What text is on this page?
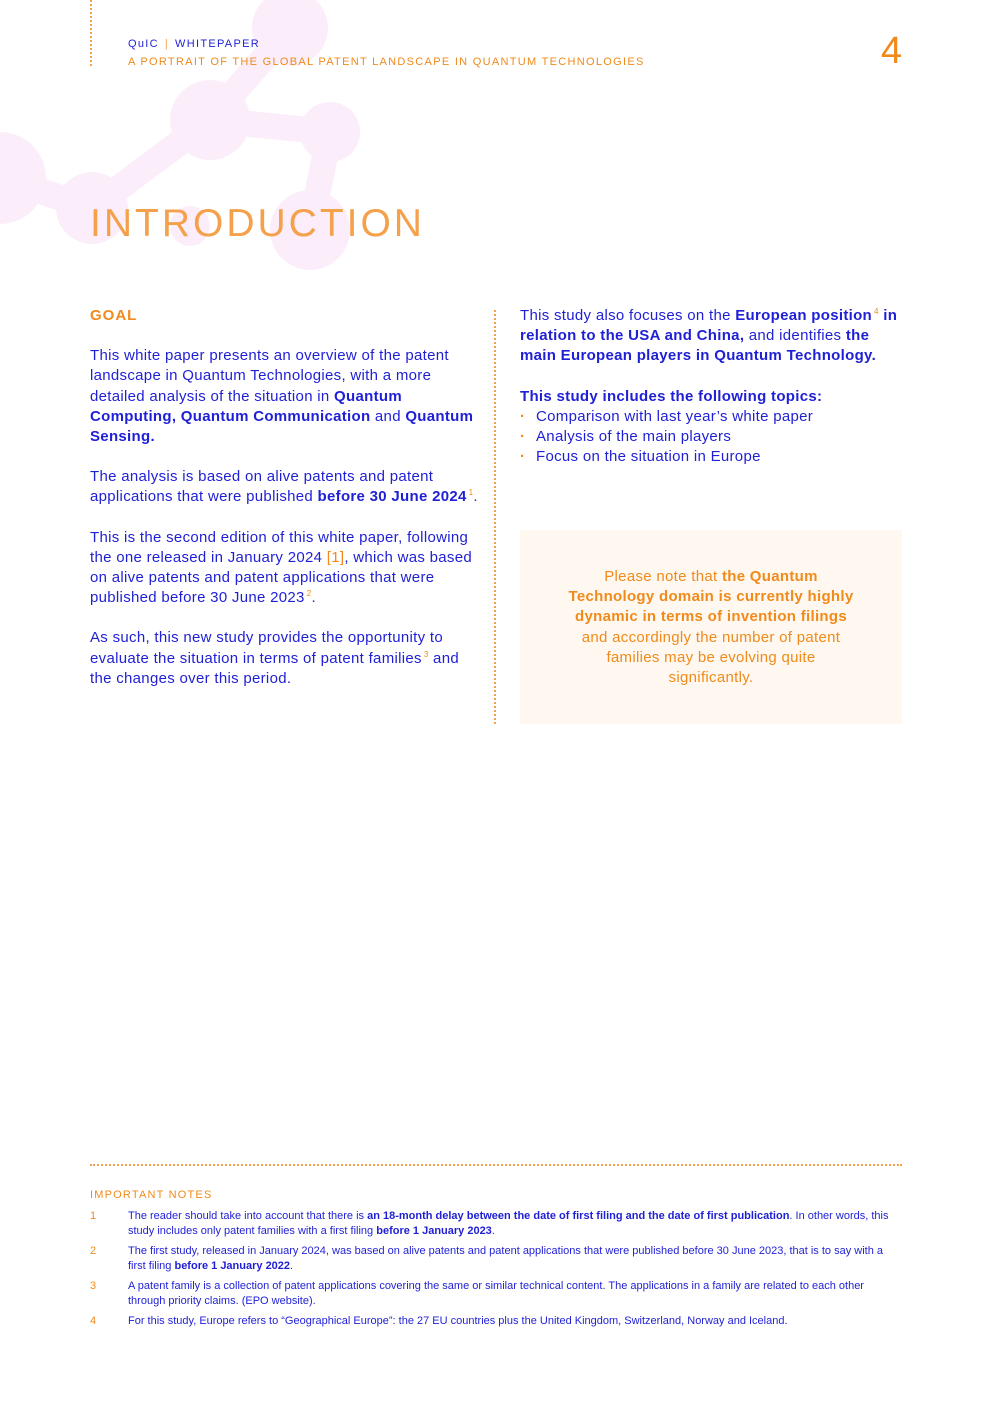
QuIC | WHITEPAPER
A PORTRAIT OF THE GLOBAL PATENT LANDSCAPE IN QUANTUM TECHNOLOGIES	4
INTRODUCTION
GOAL

This white paper presents an overview of the patent landscape in Quantum Technologies, with a more detailed analysis of the situation in Quantum Computing, Quantum Communication and Quantum Sensing.

The analysis is based on alive patents and patent applications that were published before 30 June 2024 $^1$.

This is the second edition of this white paper, following the one released in January 2024 [1], which was based on alive patents and patent applications that were published before 30 June 2023 $^2$.

As such, this new study provides the opportunity to evaluate the situation in terms of patent families $^3$ and the changes over this period.

This study also focuses on the European position $^4$ in relation to the USA and China, and identifies the main European players in Quantum Technology.

This study includes the following topics:
· Comparison with last year’s white paper
· Analysis of the main players
· Focus on the situation in Europe
Please note that the Quantum Technology domain is currently highly dynamic in terms of invention filings and accordingly the number of patent families may be evolving quite significantly.
IMPORTANT NOTES
1	The reader should take into account that there is an 18-month delay between the date of first filing and the date of first publication. In other words, this study includes only patent families with a first filing before 1 January 2023.
2	The first study, released in January 2024, was based on alive patents and patent applications that were published before 30 June 2023, that is to say with a first filing before 1 January 2022.
3	A patent family is a collection of patent applications covering the same or similar technical content. The applications in a family are related to each other through priority claims. (EPO website).
4	For this study, Europe refers to “Geographical Europe”: the 27 EU countries plus the United Kingdom, Switzerland, Norway and Iceland.
